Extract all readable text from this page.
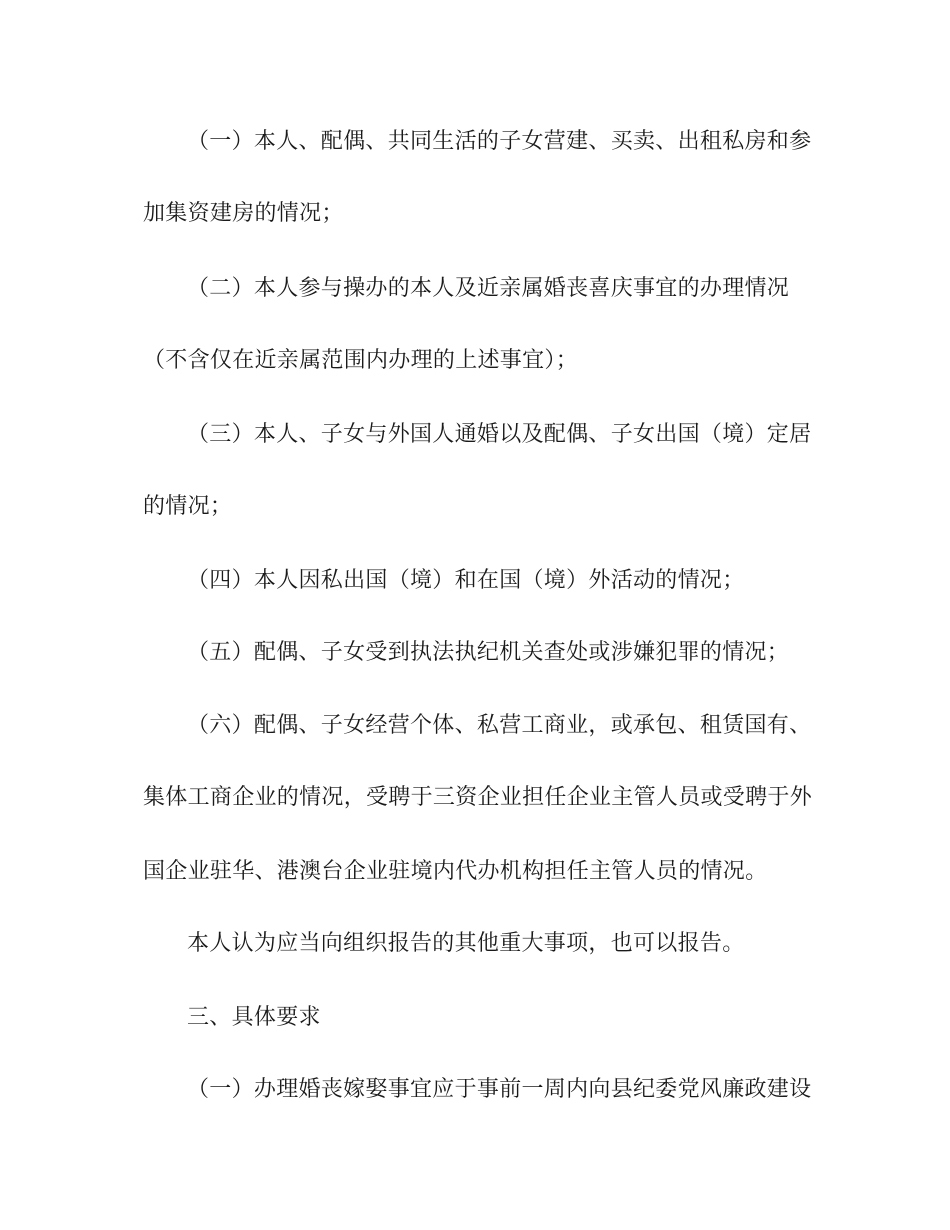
（一）本人、配偶、共同生活的子女营建、买卖、出租私房和参
加集资建房的情况；
（二）本人参与操办的本人及近亲属婚丧喜庆事宜的办理情况
（不含仅在近亲属范围内办理的上述事宜）；
（三）本人、子女与外国人通婚以及配偶、子女出国（境）定居
的情况；
（四）本人因私出国（境）和在国（境）外活动的情况；
（五）配偶、子女受到执法执纪机关查处或涉嫌犯罪的情况；
（六）配偶、子女经营个体、私营工商业，或承包、租赁国有、
集体工商企业的情况，受聘于三资企业担任企业主管人员或受聘于外
国企业驻华、港澳台企业驻境内代办机构担任主管人员的情况。
本人认为应当向组织报告的其他重大事项，也可以报告。
三、具体要求
（一）办理婚丧嫁娶事宜应于事前一周内向县纪委党风廉政建设
